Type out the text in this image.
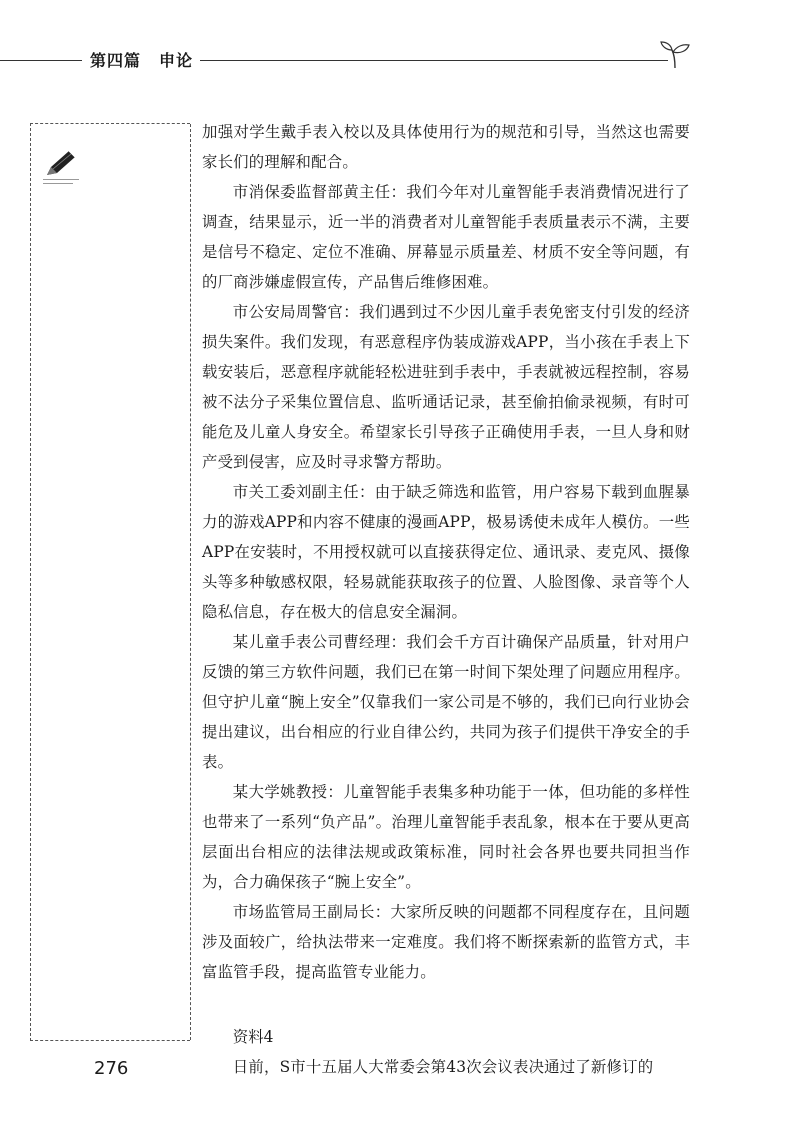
第四篇 申论

加强对学生戴手表入校以及具体使用行为的规范和引导，当然这也需要家长们的理解和配合。

市消保委监督部黄主任：我们今年对儿童智能手表消费情况进行了调查，结果显示，近一半的消费者对儿童智能手表质量表示不满，主要是信号不稳定、定位不准确、屏幕显示质量差、材质不安全等问题，有的厂商涉嫌虚假宣传，产品售后维修困难。

市公安局周警官：我们遇到过不少因儿童手表免密支付引发的经济损失案件。我们发现，有恶意程序伪装成游戏APP，当小孩在手表上下载安装后，恶意程序就能轻松进驻到手表中，手表就被远程控制，容易被不法分子采集位置信息、监听通话记录，甚至偷拍偷录视频，有时可能危及儿童人身安全。希望家长引导孩子正确使用手表，一旦人身和财产受到侵害，应及时寻求警方帮助。

市关工委刘副主任：由于缺乏筛选和监管，用户容易下载到血腥暴力的游戏APP和内容不健康的漫画APP，极易诱使未成年人模仿。一些APP在安装时，不用授权就可以直接获得定位、通讯录、麦克风、摄像头等多种敏感权限，轻易就能获取孩子的位置、人脸图像、录音等个人隐私信息，存在极大的信息安全漏洞。

某儿童手表公司曹经理：我们会千方百计确保产品质量，针对用户反馈的第三方软件问题，我们已在第一时间下架处理了问题应用程序。但守护儿童“腕上安全”仅靠我们一家公司是不够的，我们已向行业协会提出建议，出台相应的行业自律公约，共同为孩子们提供干净安全的手表。

某大学姚教授：儿童智能手表集多种功能于一体，但功能的多样性也带来了一系列“负产品”。治理儿童智能手表乱象，根本在于要从更高层面出台相应的法律法规或政策标准，同时社会各界也要共同担当作为，合力确保孩子“腕上安全”。

市场监管局王副局长：大家所反映的问题都不同程度存在，且问题涉及面较广，给执法带来一定难度。我们将不断探索新的监管方式，丰富监管手段，提高监管专业能力。

资料4

日前，S市十五届人大常委会第43次会议表决通过了新修订的

276
